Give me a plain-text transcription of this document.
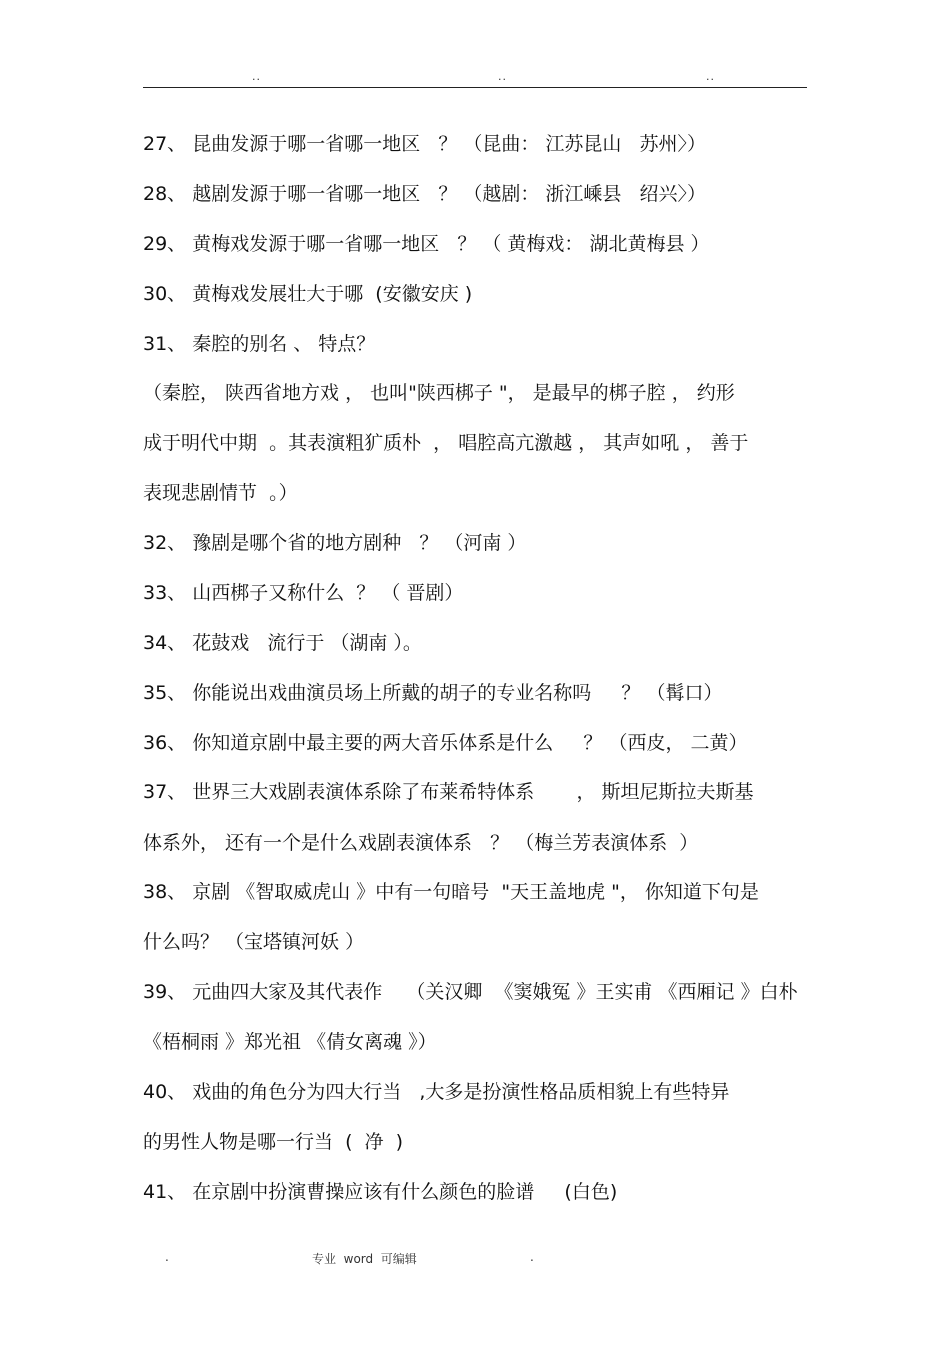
..	..	..
27、 昆曲发源于哪一省哪一地区   ？ （昆曲： 江苏昆山   苏州〉）
28、 越剧发源于哪一省哪一地区   ？ （越剧： 浙江嵊县   绍兴〉）
29、 黄梅戏发源于哪一省哪一地区   ？ （ 黄梅戏： 湖北黄梅县 ）
30、 黄梅戏发展壮大于哪  (安徽安庆 )
31、 秦腔的别名 、 特点？
（秦腔， 陕西省地方戏 ， 也叫"陕西梆子 "， 是最早的梆子腔 ， 约形
成于明代中期  。其表演粗犷质朴  ， 唱腔高亢激越 ， 其声如吼 ， 善于
表现悲剧情节  。）
32、 豫剧是哪个省的地方剧种   ？ （河南 ）
33、 山西梆子又称什么  ？ （ 晋剧）
34、 花鼓戏   流行于 （湖南 ）。
35、 你能说出戏曲演员场上所戴的胡子的专业名称吗     ？ （髯口）
36、 你知道京剧中最主要的两大音乐体系是什么     ？ （西皮， 二黄）
37、 世界三大戏剧表演体系除了布莱希特体系       ， 斯坦尼斯拉夫斯基
体系外， 还有一个是什么戏剧表演体系   ？ （梅兰芳表演体系  ）
38、 京剧 《智取威虎山 》中有一句暗号  "天王盖地虎 "， 你知道下句是
什么吗？ （宝塔镇河妖 ）
39、 元曲四大家及其代表作    （关汉卿  《窦娥冤 》王实甫 《西厢记 》白朴
《梧桐雨 》郑光祖 《倩女离魂 》）
40、 戏曲的角色分为四大行当   ,大多是扮演性格品质相貌上有些特异
的男性人物是哪一行当  (  净  )
41、 在京剧中扮演曹操应该有什么颜色的脸谱     (白色)
.	专业  word  可编辑	.
